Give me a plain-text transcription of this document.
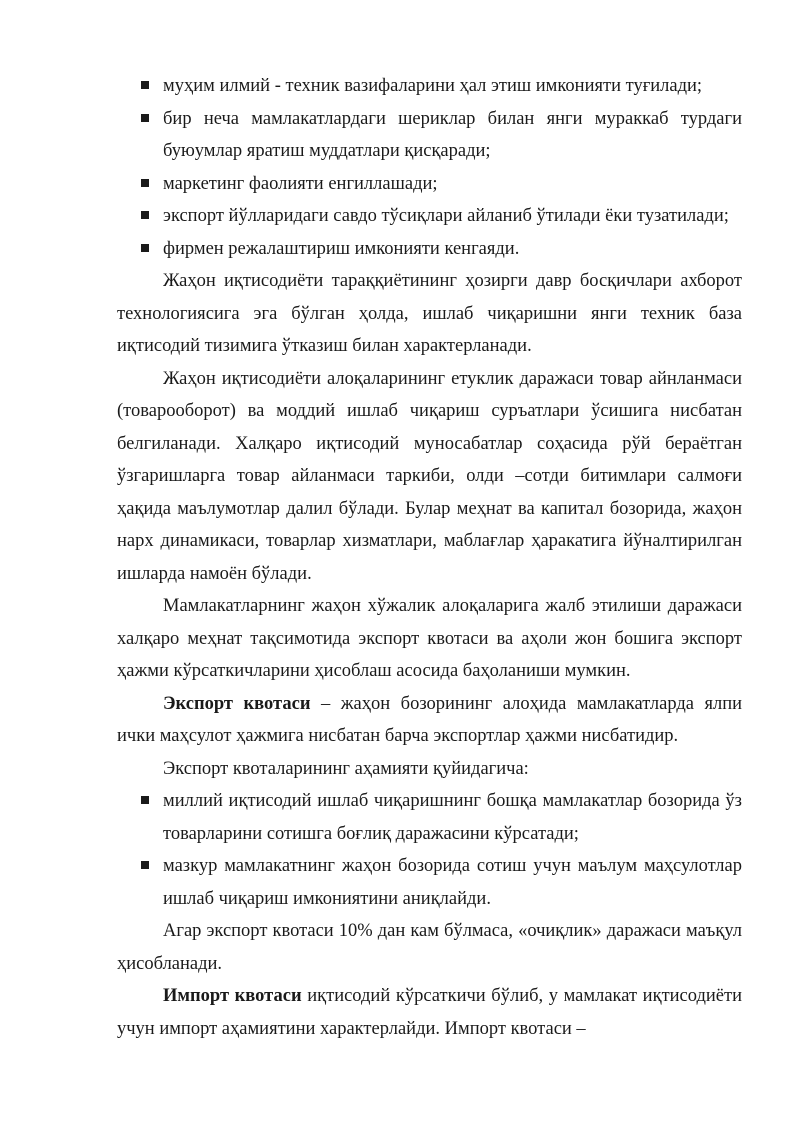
муҳим илмий - техник вазифаларини ҳал этиш имконияти туғилади;
бир неча мамлакатлардаги шериклар билан янги мураккаб турдаги буюумлар яратиш муддатлари қисқаради;
маркетинг фаолияти енгиллашади;
экспорт йўлларидаги савдо тўсиқлари айланиб ўтилади ёки тузатилади;
фирмен режалаштириш имконияти кенгаяди.

Жаҳон иқтисодиёти тараққиётининг ҳозирги давр босқичлари ахборот технологиясига эга бўлган ҳолда, ишлаб чиқаришни янги техник база иқтисодий тизимига ўтказиш билан характерланади.

Жаҳон иқтисодиёти алоқаларининг етуклик даражаси товар айнланмаси (товарооборот) ва моддий ишлаб чиқариш суръатлари ўсишига нисбатан белгиланади. Халқаро иқтисодий муносабатлар соҳасида рўй бераётган ўзгаришларга товар айланмаси таркиби, олди –сотди битимлари салмоғи ҳақида маълумотлар далил бўлади. Булар меҳнат ва капитал бозорида, жаҳон нарх динамикаси, товарлар хизматлари, маблағлар ҳаракатига йўналтирилган ишларда намоён бўлади.

Мамлакатларнинг жаҳон хўжалик алоқаларига жалб этилиши даражаси халқаро меҳнат тақсимотида экспорт квотаси ва аҳоли жон бошига экспорт ҳажми кўрсаткичларини ҳисоблаш асосида баҳоланиши мумкин.

Экспорт квотаси – жаҳон бозорининг алоҳида мамлакатларда ялпи ички маҳсулот ҳажмига нисбатан барча экспортлар ҳажми нисбатидир.

Экспорт квоталарининг аҳамияти қуйидагича:

миллий иқтисодий ишлаб чиқаришнинг бошқа мамлакатлар бозорида ўз товарларини сотишга боғлиқ даражасини кўрсатади;
мазкур мамлакатнинг жаҳон бозорида сотиш учун маълум маҳсулотлар ишлаб чиқариш имкониятини аниқлайди.

Агар экспорт квотаси 10% дан кам бўлмаса, «очиқлик» даражаси маъқул ҳисобланади.

Импорт квотаси иқтисодий кўрсаткичи бўлиб, у мамлакат иқтисодиёти учун импорт аҳамиятини характерлайди. Импорт квотаси –
